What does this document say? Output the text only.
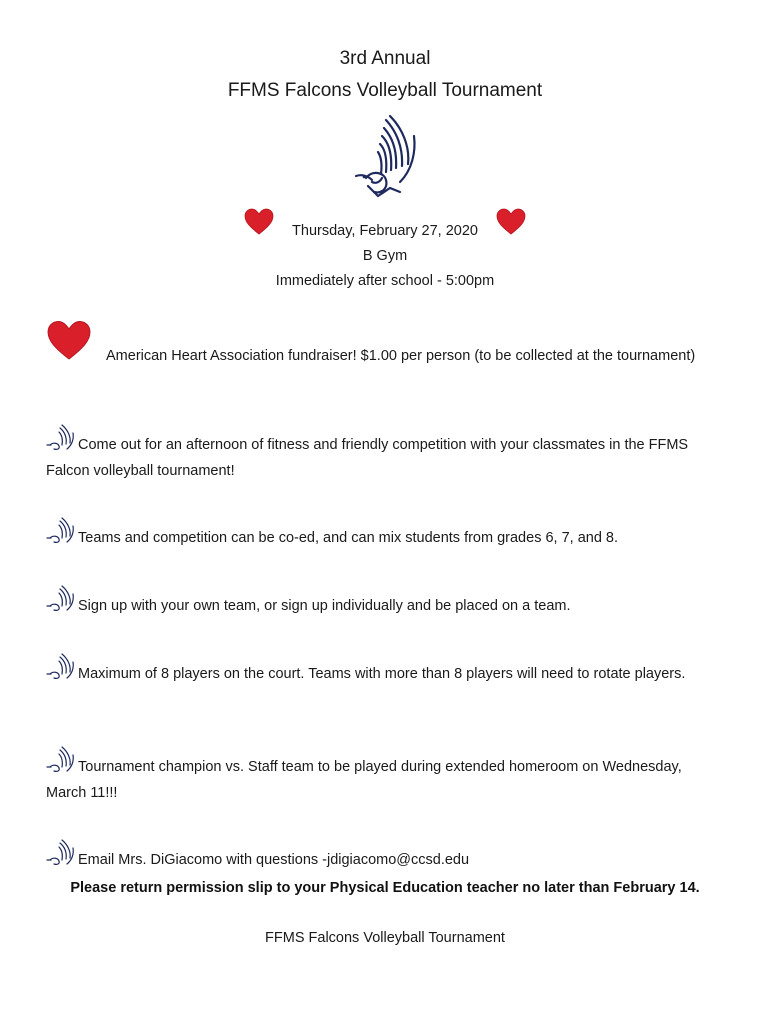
3rd Annual
FFMS Falcons Volleyball Tournament
Thursday, February 27, 2020
B Gym
Immediately after school - 5:00pm
American Heart Association fundraiser! $1.00 per person (to be collected at the tournament)
Come out for an afternoon of fitness and friendly competition with your classmates in the FFMS Falcon volleyball tournament!
Teams and competition can be co-ed, and can mix students from grades 6, 7, and 8.
Sign up with your own team, or sign up individually and be placed on a team.
Maximum of 8 players on the court. Teams with more than 8 players will need to rotate players.
Tournament champion vs. Staff team to be played during extended homeroom on Wednesday, March 11!!!
Email Mrs. DiGiacomo with questions -jdigiacomo@ccsd.edu
Please return permission slip to your Physical Education teacher no later than February 14.
FFMS Falcons Volleyball Tournament
